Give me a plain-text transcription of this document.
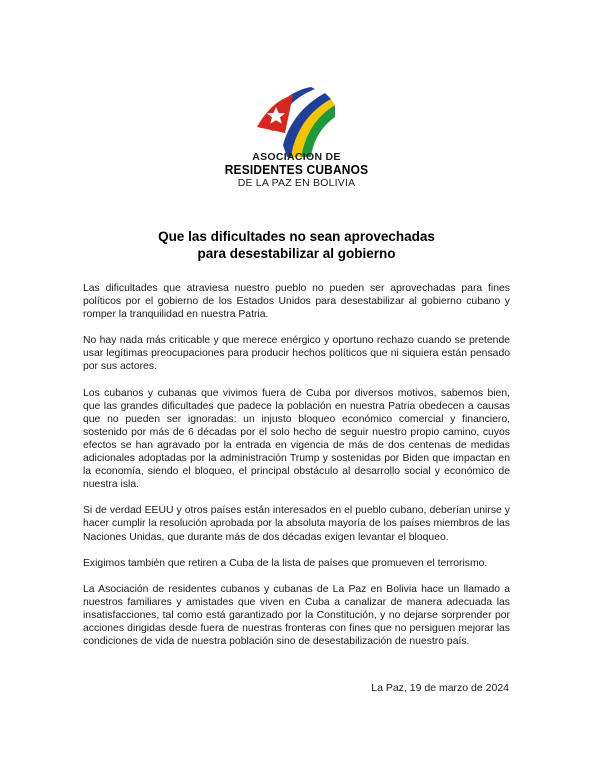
ASOCIACION DE
RESIDENTES CUBANOS
DE LA PAZ EN BOLIVIA
Que las dificultades no sean aprovechadas
para desestabilizar al gobierno

Las dificultades que atraviesa nuestro pueblo no pueden ser aprovechadas para fines políticos por el gobierno de los Estados Unidos para desestabilizar al gobierno cubano y romper la tranquilidad en nuestra Patria.

No hay nada más criticable y que merece enérgico y oportuno rechazo cuando se pretende usar legítimas preocupaciones para producir hechos políticos que ni siquiera están pensado por sus actores.

Los cubanos y cubanas que vivimos fuera de Cuba por diversos motivos, sabemos bien, que las grandes dificultades que padece la población en nuestra Patria obedecen a causas que no pueden ser ignoradas: un injusto bloqueo económico comercial y financiero, sostenido por más de 6 décadas por el solo hecho de seguir nuestro propio camino, cuyos efectos se han agravado por la entrada en vigencia de más de dos centenas de medidas adicionales adoptadas por la administración Trump y sostenidas por Biden que impactan en la economía, siendo el bloqueo, el principal obstáculo al desarrollo social y económico de nuestra isla.

Si de verdad EEUU y otros países están interesados en el pueblo cubano, deberían unirse y hacer cumplir la resolución aprobada por la absoluta mayoría de los países miembros de las Naciones Unidas, que durante más de dos décadas exigen levantar el bloqueo.

Exigimos también que retiren a Cuba de la lista de países que promueven el terrorismo.

La Asociación de residentes cubanos y cubanas de La Paz en Bolivia hace un llamado a nuestros familiares y amistades que viven en Cuba a canalizar de manera adecuada las insatisfacciones, tal como está garantizado por la Constitución, y no dejarse sorprender por acciones dirigidas desde fuera de nuestras fronteras con fines que no persiguen mejorar las condiciones de vida de nuestra población sino de desestabilización de nuestro país.

La Paz, 19 de marzo de 2024
